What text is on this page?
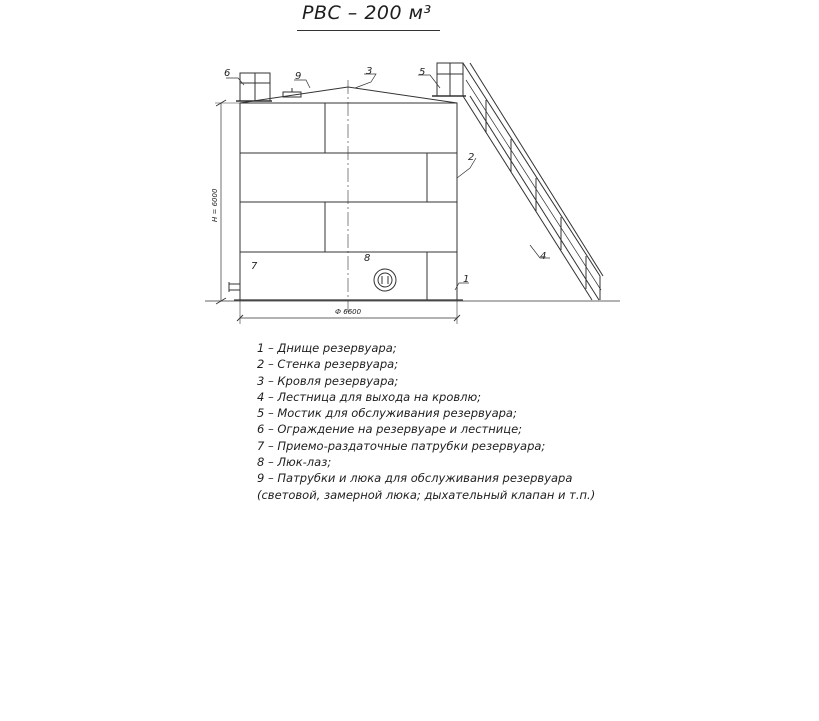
РВС – 200 м³
6	9	3	5
2
4
7
8
1
Н = 6000
Ф 6600
1 – Днище резервуара;
2 – Стенка резервуара;
3 – Кровля резервуара;
4 – Лестница для выхода на кровлю;
5 – Мостик для обслуживания резервуара;
6 – Ограждение на резервуаре и лестнице;
7 – Приемо-раздаточные патрубки резервуара;
8 – Люк-лаз;
9 – Патрубки и люка для обслуживания резервуара
(световой, замерной люка; дыхательный клапан и т.п.)
